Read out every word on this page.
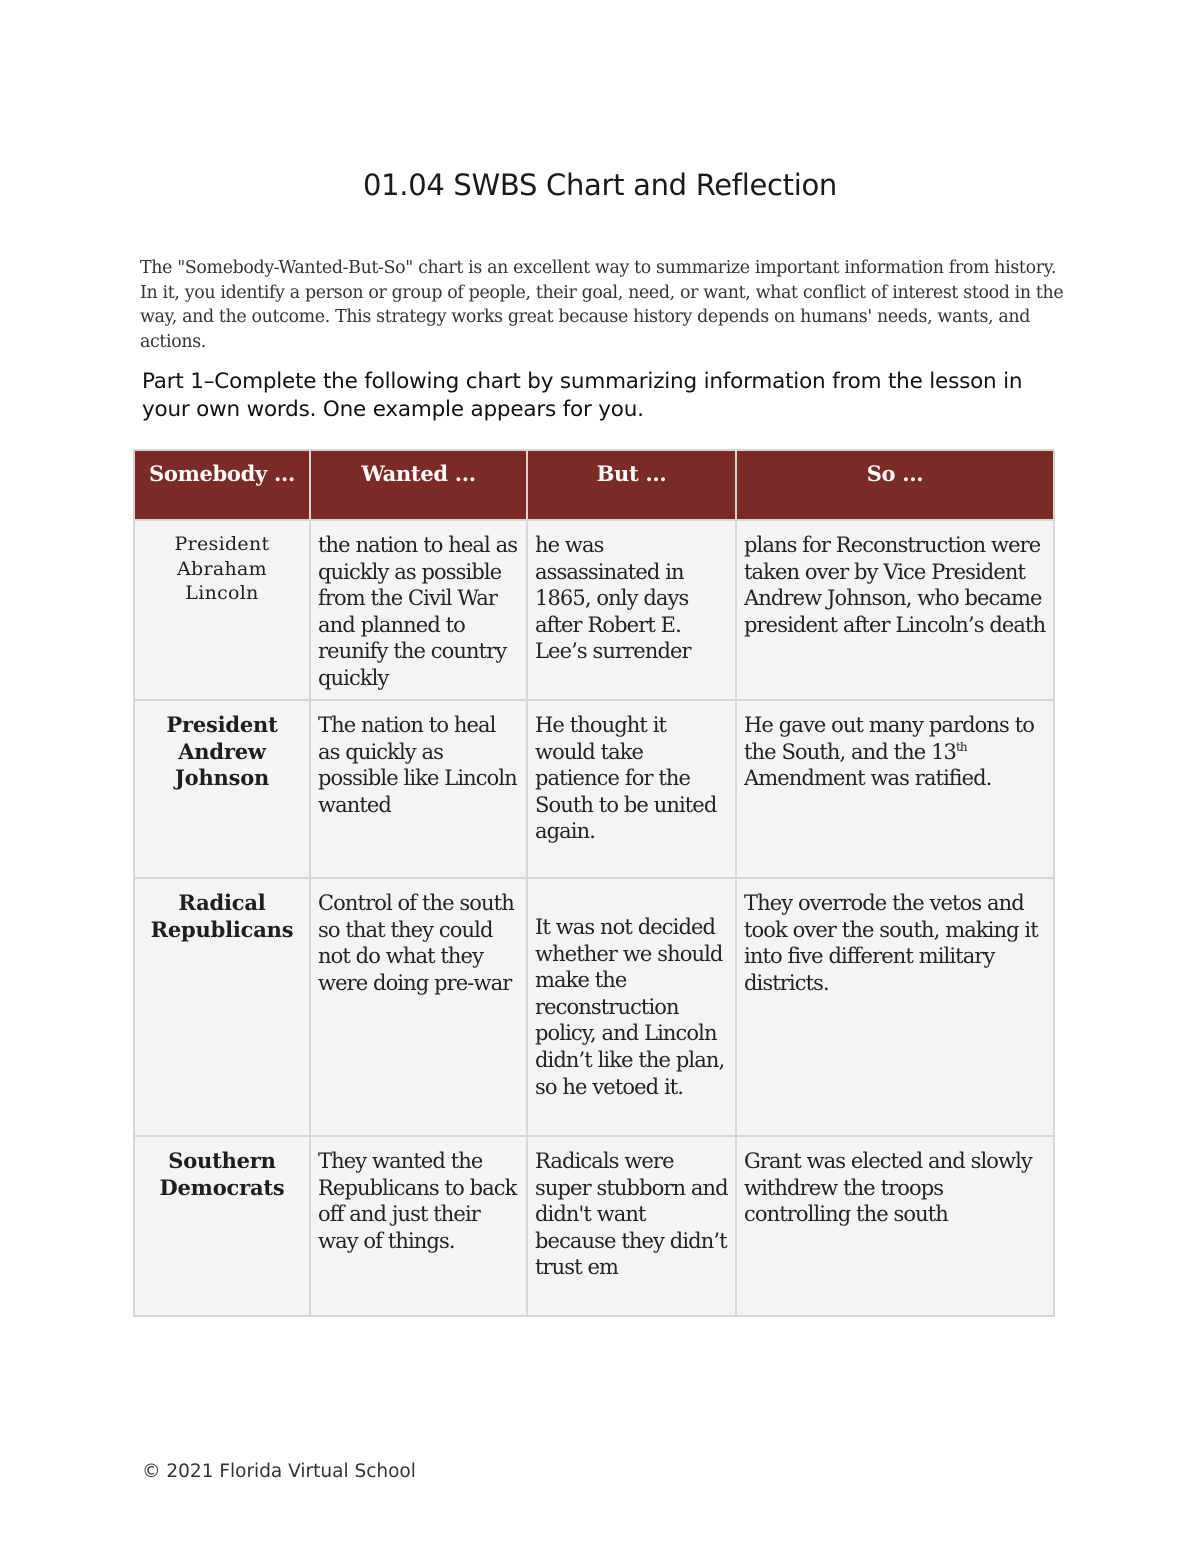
01.04 SWBS Chart and Reflection
The "Somebody-Wanted-But-So" chart is an excellent way to summarize important information from history. In it, you identify a person or group of people, their goal, need, or want, what conflict of interest stood in the way, and the outcome. This strategy works great because history depends on humans' needs, wants, and actions.
Part 1–Complete the following chart by summarizing information from the lesson in your own words. One example appears for you.
Somebody ...	Wanted ...	But ...	So ...
President Abraham Lincoln	the nation to heal as quickly as possible from the Civil War and planned to reunify the country quickly	he was assassinated in 1865, only days after Robert E. Lee’s surrender	plans for Reconstruction were taken over by Vice President Andrew Johnson, who became president after Lincoln’s death
President Andrew Johnson	The nation to heal as quickly as possible like Lincoln wanted	He thought it would take patience for the South to be united again.	He gave out many pardons to the South, and the 13th Amendment was ratified.
Radical Republicans	Control of the south so that they could not do what they were doing pre-war	It was not decided whether we should make the reconstruction policy, and Lincoln didn’t like the plan, so he vetoed it.	They overrode the vetos and took over the south, making it into five different military districts.
Southern Democrats	They wanted the Republicans to back off and just their way of things.	Radicals were super stubborn and didn't want because they didn’t trust em	Grant was elected and slowly withdrew the troops controlling the south
© 2021 Florida Virtual School
